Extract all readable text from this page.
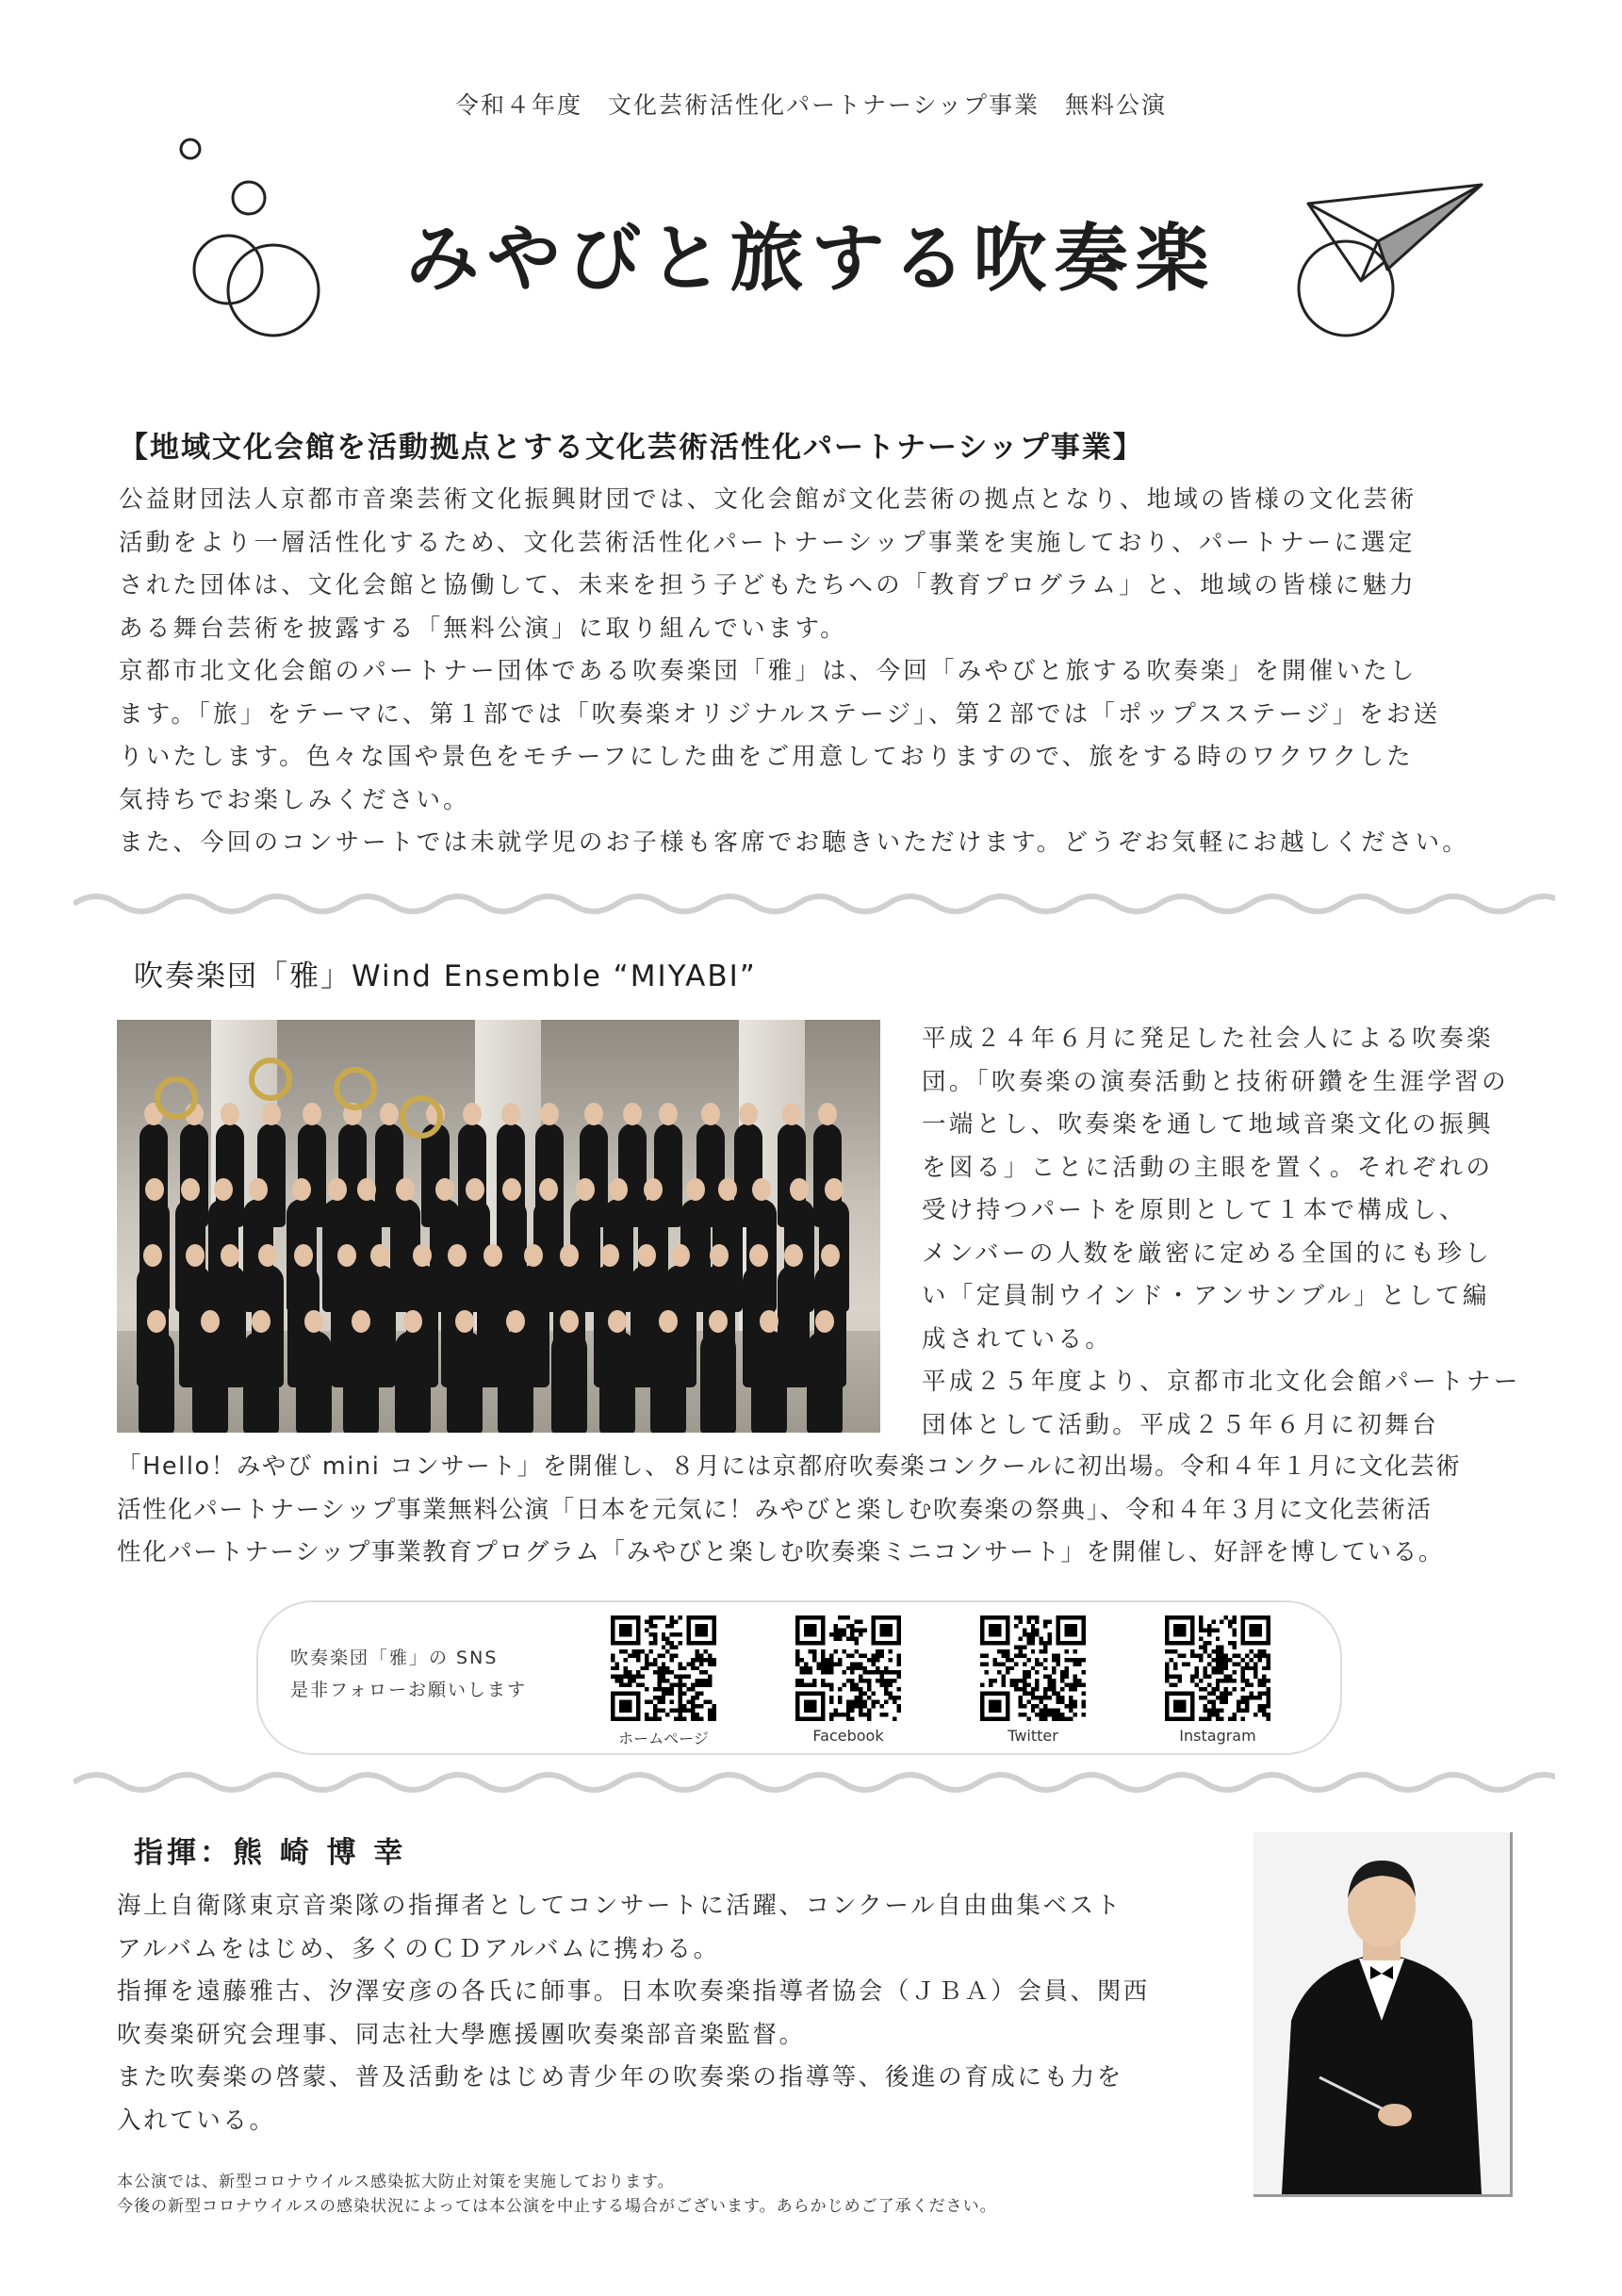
令和４年度　文化芸術活性化パートナーシップ事業　無料公演
みやびと旅する吹奏楽
【地域文化会館を活動拠点とする文化芸術活性化パートナーシップ事業】

公益財団法人京都市音楽芸術文化振興財団では、文化会館が文化芸術の拠点となり、地域の皆様の文化芸術

活動をより一層活性化するため、文化芸術活性化パートナーシップ事業を実施しており、パートナーに選定

された団体は、文化会館と協働して、未来を担う子どもたちへの「教育プログラム」と、地域の皆様に魅力

ある舞台芸術を披露する「無料公演」に取り組んでいます。

京都市北文化会館のパートナー団体である吹奏楽団「雅」は、今回「みやびと旅する吹奏楽」を開催いたし

ます。「旅」をテーマに、第１部では「吹奏楽オリジナルステージ」、第２部では「ポップスステージ」をお送

りいたします。色々な国や景色をモチーフにした曲をご用意しておりますので、旅をする時のワクワクした

気持ちでお楽しみください。

また、今回のコンサートでは未就学児のお子様も客席でお聴きいただけます。どうぞお気軽にお越しください。

吹奏楽団「雅」Wind Ensemble “MIYABI”

平成２４年６月に発足した社会人による吹奏楽

団。「吹奏楽の演奏活動と技術研鑽を生涯学習の

一端とし、吹奏楽を通して地域音楽文化の振興

を図る」ことに活動の主眼を置く。それぞれの

受け持つパートを原則として１本で構成し、

メンバーの人数を厳密に定める全国的にも珍し

い「定員制ウインド・アンサンブル」として編

成されている。

平成２５年度より、京都市北文化会館パートナー

団体として活動。平成２５年６月に初舞台

「Hello！みやび mini コンサート」を開催し、８月には京都府吹奏楽コンクールに初出場。令和４年１月に文化芸術

活性化パートナーシップ事業無料公演「日本を元気に！みやびと楽しむ吹奏楽の祭典」、令和４年３月に文化芸術活

性化パートナーシップ事業教育プログラム「みやびと楽しむ吹奏楽ミニコンサート」を開催し、好評を博している。

吹奏楽団「雅」の SNS
是非フォローお願いします
ホームページ	Facebook	Twitter	Instagram
指揮：熊 崎 博 幸

海上自衛隊東京音楽隊の指揮者としてコンサートに活躍、コンクール自由曲集ベスト

アルバムをはじめ、多くのＣＤアルバムに携わる。

指揮を遠藤雅古、汐澤安彦の各氏に師事。日本吹奏楽指導者協会（ＪＢＡ）会員、関西

吹奏楽研究会理事、同志社大學應援團吹奏楽部音楽監督。

また吹奏楽の啓蒙、普及活動をはじめ青少年の吹奏楽の指導等、後進の育成にも力を

入れている。

本公演では、新型コロナウイルス感染拡大防止対策を実施しております。
今後の新型コロナウイルスの感染状況によっては本公演を中止する場合がございます。あらかじめご了承ください。
